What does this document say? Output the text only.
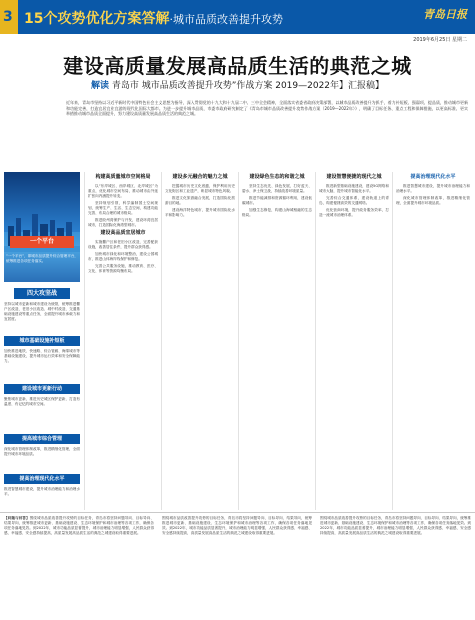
3 15个攻势优化方案答解·城市品质改善提升攻势	青岛日报
2019年6月25日 星期二
建设高质量发展高品质生活的典范之城
解读 青岛市 城市品质改善提升攻势”作战方案 2019—2022年】汇报稿】
近年来，青岛市坚持以习近平新时代中国特色社会主义思想为指导，深入贯彻党的十九大和十九届二中、三中全会精神，全面落实省委省政府决策部署，以城市品质改善提升为抓手，着力补短板、强弱项、提品质，推动城市更新和功能完善，打造宜居宜业宜游的现代化国际大都市。为进一步提升城市品质，市委市政府研究制定了《青岛市城市品质改善提升攻势作战方案（2019—2022年）》，明确了目标任务、重点工程和保障措施，以更高标准、更实举措推动城市品质全面提升，努力建设高质量发展高品质生活的典范之城。
一个平台
“一个平台”，即城市品质提升综合管理平台，统筹推进各项任务落实。
四大攻坚战
坚持以城市更新和城市建设为统领，统筹推进棚户区改造、老旧小区改造、城中村改造、交通基础设施建设等重点任务，全面提升城市承载力和宜居度。
城市基础设施补短板
加快推进地铁、快速路、综合管廊、海绵城市等基础设施建设，提升城市运行效率和安全保障能力。
建设城市更新行动
聚焦城市更新，推进历史城区保护更新，打造有温度、有记忆的城市空间。
提高城市综合管理
深化城市管理体制改革，推进精细化管理，全面提升城市环境品质。
提高治理现代化水平
推进智慧城市建设，提升城市治理能力和治理水平。
构建高质量城市空间格局

以“东岸城区、西岸城区、北岸城区”为重点，优化城市空间布局，推动城市由外延扩张向内涵提升转变。

坚持规划引领，科学编制国土空间规划，统筹生产、生活、生态空间，构建功能完善、布局合理的城市格局。

推进胶州湾保护与开发，建设环湾宜居城市，打造国际化海湾型城市。

建设高品质宜居城市

实施棚户区和老旧小区改造，完善配套设施，改善居住条件，提升群众获得感。

加快城市绿化和环境整治，建设公园城市，推进山体海岸线保护和修复。

完善公共服务设施，推动教育、医疗、文化、体育等资源均衡布局。

建设多元融合的魅力之城

挖掘城市历史文化底蕴，保护利用历史文化街区和工业遗产，彰显城市特色风貌。

推进文化旅游融合发展，打造国际化旅游目的地。

建设海洋特色城市，提升城市国际化水平和影响力。

建设绿色生态的和谐之城

坚持生态优先、绿色发展，打好蓝天、碧水、净土保卫战，持续改善环境质量。

推进节能减排和资源循环利用，建设低碳城市。

加强生态修复，构建山海城相融的生态格局。

建设智慧便捷的现代之城

推进新型基础设施建设，建设5G网络和城市大脑，提升城市智能化水平。

完善综合交通体系，建设轨道上的青岛，构建便捷高效的交通网络。

优化营商环境，提升政务服务效率，打造一流城市治理体系。

提高治理现代化水平

推进智慧城市建设，提升城市治理能力和治理水平。

深化城市管理体制改革，推进精细化管理，全面提升城市环境品质。

【问题与回答】围绕城市品质改善提升攻势的目标任务，青岛市将坚持问题导向、目标导向、结果导向，统筹推进城市更新、基础设施建设、生态环境保护和城市治理等各项工作，确保各项任务落地见效。到2022年，城市功能品质显著提升，城市治理能力明显增强，人民群众获得感、幸福感、安全感持续提高，高质量发展高品质生活的典范之城建设取得重要进展。
围绕城市品质改善提升攻势的目标任务，青岛市将坚持问题导向、目标导向、结果导向，统筹推进城市更新、基础设施建设、生态环境保护和城市治理等各项工作，确保各项任务落地见效。到2022年，城市功能品质显著提升，城市治理能力明显增强，人民群众获得感、幸福感、安全感持续提高，高质量发展高品质生活的典范之城建设取得重要进展。
围绕城市品质改善提升攻势的目标任务，青岛市将坚持问题导向、目标导向、结果导向，统筹推进城市更新、基础设施建设、生态环境保护和城市治理等各项工作，确保各项任务落地见效。到2022年，城市功能品质显著提升，城市治理能力明显增强，人民群众获得感、幸福感、安全感持续提高，高质量发展高品质生活的典范之城建设取得重要进展。
